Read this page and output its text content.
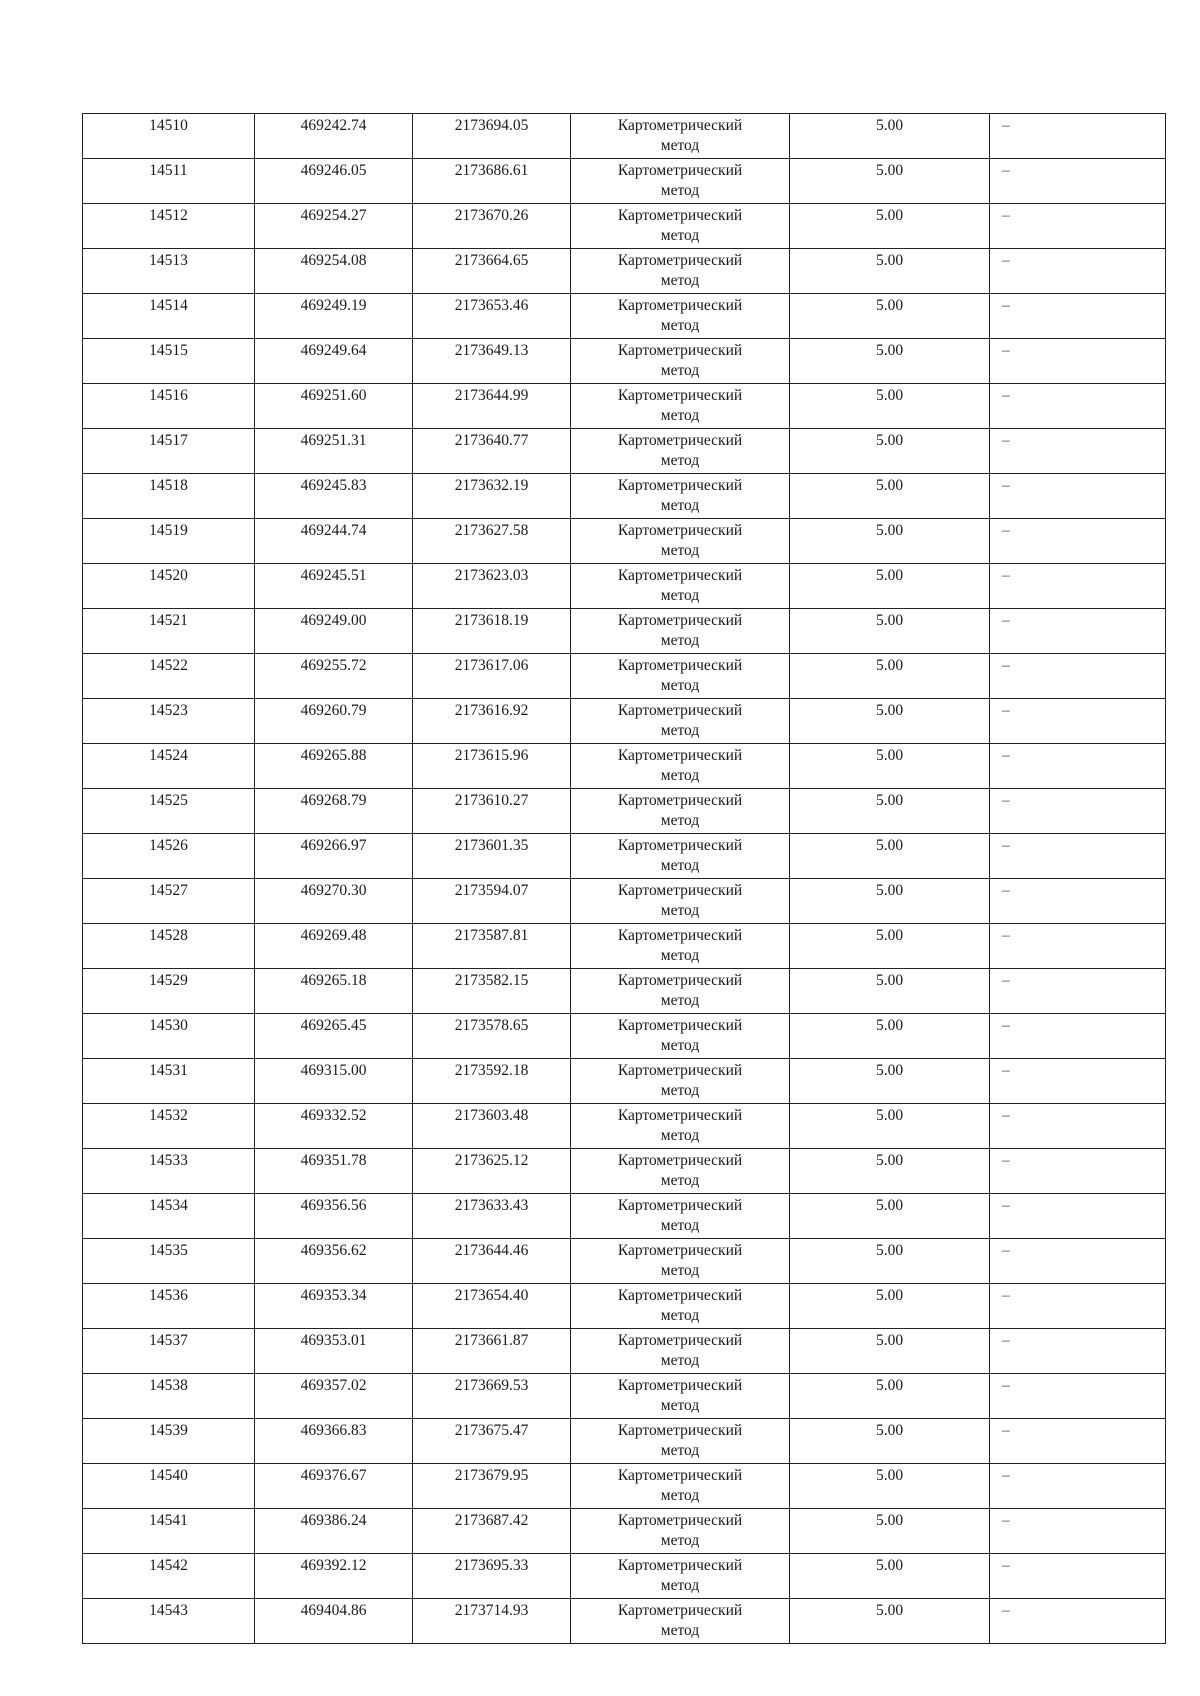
14510	469242.74	2173694.05	Картометрический
метод	5.00	–
14511	469246.05	2173686.61	Картометрический
метод	5.00	–
14512	469254.27	2173670.26	Картометрический
метод	5.00	–
14513	469254.08	2173664.65	Картометрический
метод	5.00	–
14514	469249.19	2173653.46	Картометрический
метод	5.00	–
14515	469249.64	2173649.13	Картометрический
метод	5.00	–
14516	469251.60	2173644.99	Картометрический
метод	5.00	–
14517	469251.31	2173640.77	Картометрический
метод	5.00	–
14518	469245.83	2173632.19	Картометрический
метод	5.00	–
14519	469244.74	2173627.58	Картометрический
метод	5.00	–
14520	469245.51	2173623.03	Картометрический
метод	5.00	–
14521	469249.00	2173618.19	Картометрический
метод	5.00	–
14522	469255.72	2173617.06	Картометрический
метод	5.00	–
14523	469260.79	2173616.92	Картометрический
метод	5.00	–
14524	469265.88	2173615.96	Картометрический
метод	5.00	–
14525	469268.79	2173610.27	Картометрический
метод	5.00	–
14526	469266.97	2173601.35	Картометрический
метод	5.00	–
14527	469270.30	2173594.07	Картометрический
метод	5.00	–
14528	469269.48	2173587.81	Картометрический
метод	5.00	–
14529	469265.18	2173582.15	Картометрический
метод	5.00	–
14530	469265.45	2173578.65	Картометрический
метод	5.00	–
14531	469315.00	2173592.18	Картометрический
метод	5.00	–
14532	469332.52	2173603.48	Картометрический
метод	5.00	–
14533	469351.78	2173625.12	Картометрический
метод	5.00	–
14534	469356.56	2173633.43	Картометрический
метод	5.00	–
14535	469356.62	2173644.46	Картометрический
метод	5.00	–
14536	469353.34	2173654.40	Картометрический
метод	5.00	–
14537	469353.01	2173661.87	Картометрический
метод	5.00	–
14538	469357.02	2173669.53	Картометрический
метод	5.00	–
14539	469366.83	2173675.47	Картометрический
метод	5.00	–
14540	469376.67	2173679.95	Картометрический
метод	5.00	–
14541	469386.24	2173687.42	Картометрический
метод	5.00	–
14542	469392.12	2173695.33	Картометрический
метод	5.00	–
14543	469404.86	2173714.93	Картометрический
метод	5.00	–
